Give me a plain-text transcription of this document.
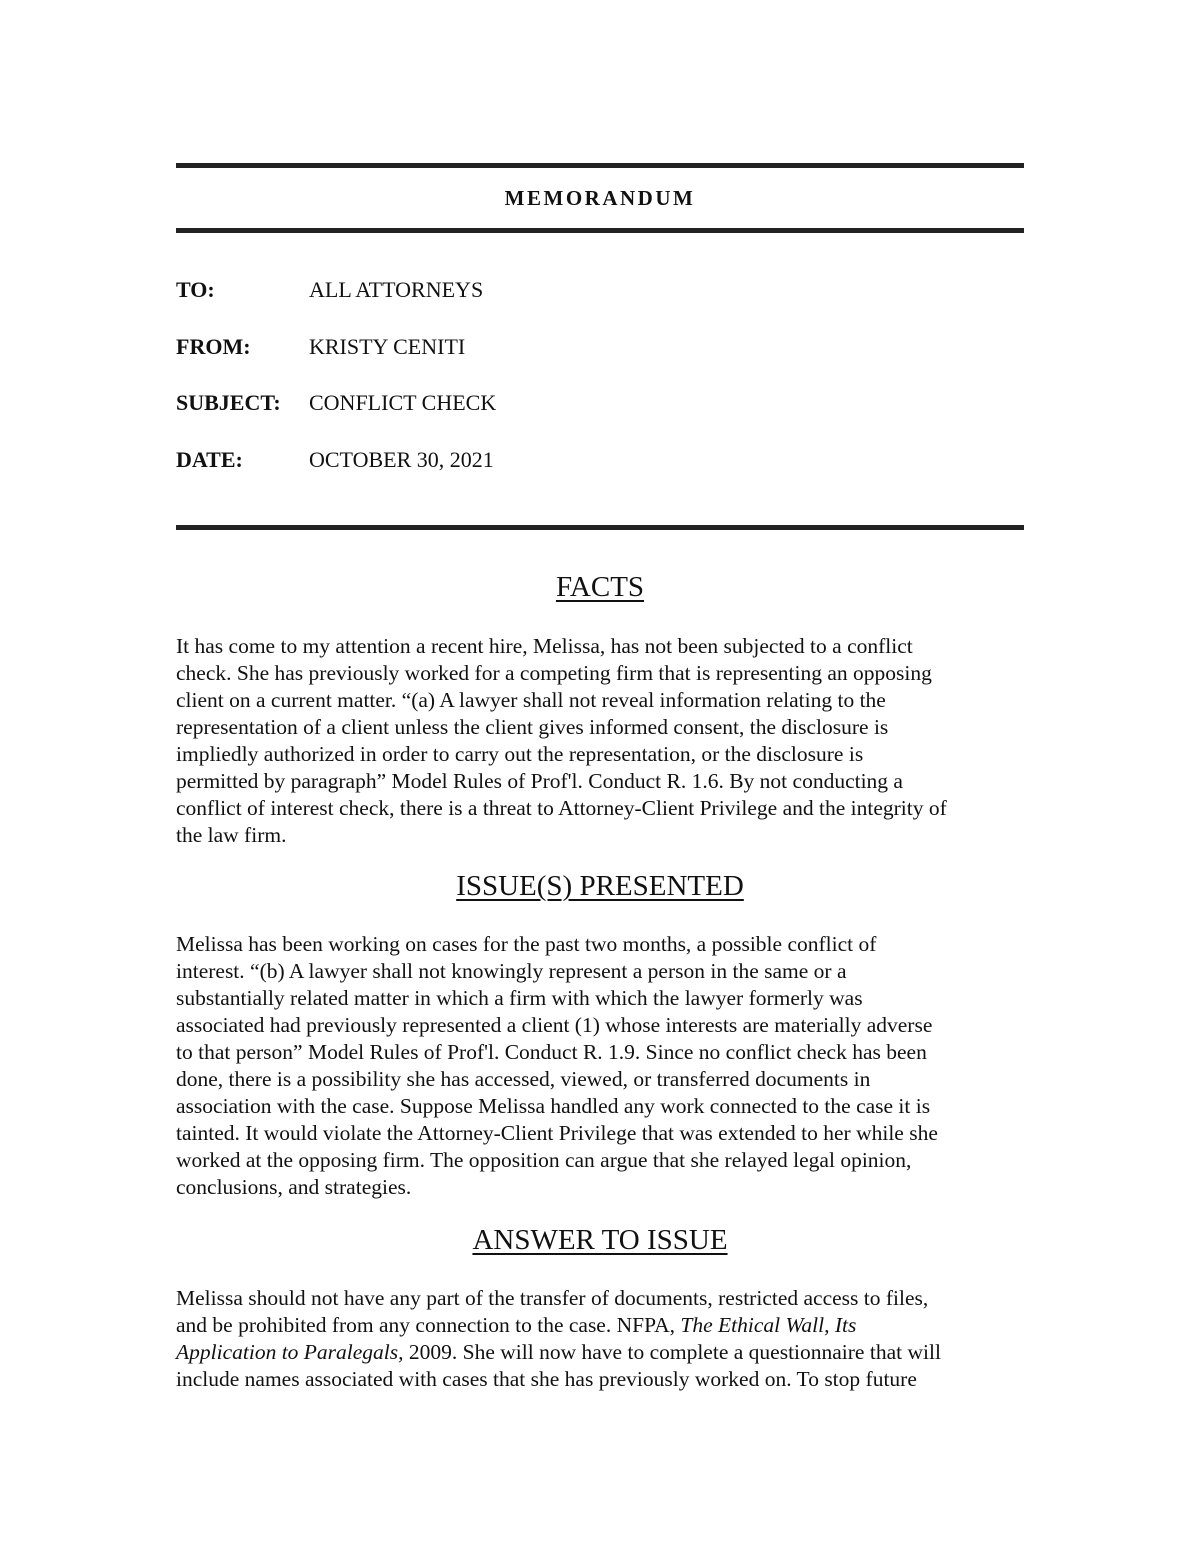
MEMORANDUM
TO:	ALL ATTORNEYS
FROM:	KRISTY CENITI
SUBJECT: CONFLICT CHECK
DATE:	OCTOBER 30, 2021
FACTS
It has come to my attention a recent hire, Melissa, has not been subjected to a conflict
check. She has previously worked for a competing firm that is representing an opposing
client on a current matter. “(a) A lawyer shall not reveal information relating to the
representation of a client unless the client gives informed consent, the disclosure is
impliedly authorized in order to carry out the representation, or the disclosure is
permitted by paragraph” Model Rules of Prof'l. Conduct R. 1.6. By not conducting a
conflict of interest check, there is a threat to Attorney-Client Privilege and the integrity of
the law firm.
ISSUE(S) PRESENTED
Melissa has been working on cases for the past two months, a possible conflict of
interest. “(b) A lawyer shall not knowingly represent a person in the same or a
substantially related matter in which a firm with which the lawyer formerly was
associated had previously represented a client (1) whose interests are materially adverse
to that person” Model Rules of Prof'l. Conduct R. 1.9. Since no conflict check has been
done, there is a possibility she has accessed, viewed, or transferred documents in
association with the case. Suppose Melissa handled any work connected to the case it is
tainted. It would violate the Attorney-Client Privilege that was extended to her while she
worked at the opposing firm. The opposition can argue that she relayed legal opinion,
conclusions, and strategies.
ANSWER TO ISSUE
Melissa should not have any part of the transfer of documents, restricted access to files,
and be prohibited from any connection to the case. NFPA, The Ethical Wall, Its
Application to Paralegals, 2009. She will now have to complete a questionnaire that will
include names associated with cases that she has previously worked on. To stop future
